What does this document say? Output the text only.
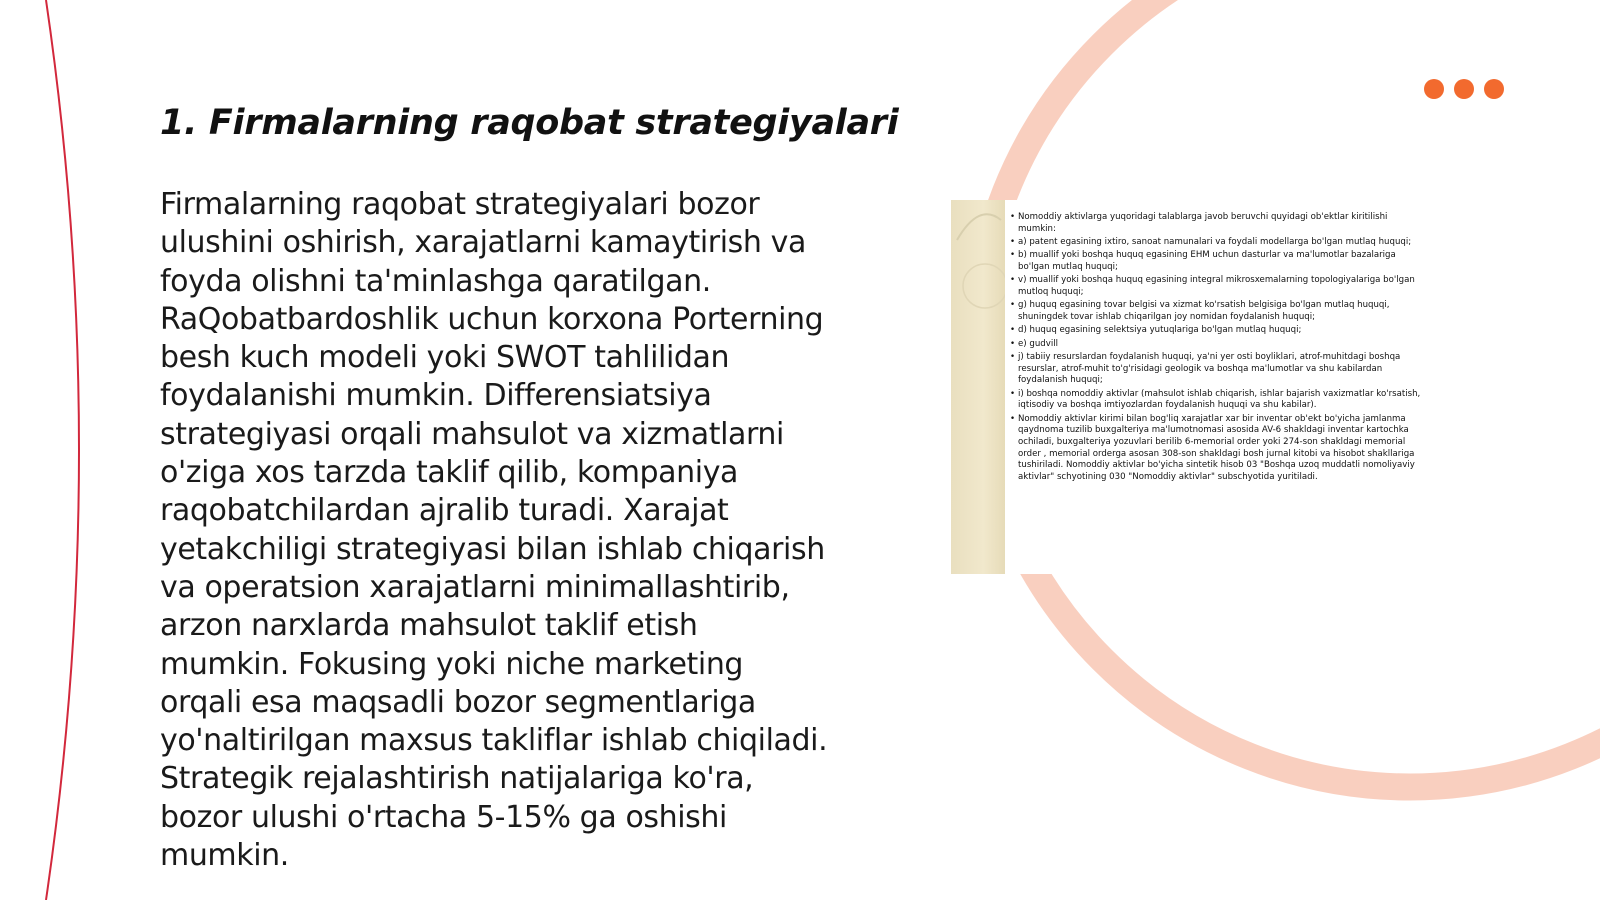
1. Firmalarning raqobat strategiyalari

Firmalarning raqobat strategiyalari bozor ulushini oshirish, xarajatlarni kamaytirish va foyda olishni ta'minlashga qaratilgan. RaQobatbardoshlik uchun korxona Porterning besh kuch modeli yoki SWOT tahlilidan foydalanishi mumkin. Differensiatsiya strategiyasi orqali mahsulot va xizmatlarni o'ziga xos tarzda taklif qilib, kompaniya raqobatchilardan ajralib turadi. Xarajat yetakchiligi strategiyasi bilan ishlab chiqarish va operatsion xarajatlarni minimallashtirib, arzon narxlarda mahsulot taklif etish mumkin. Fokusing yoki niche marketing orqali esa maqsadli bozor segmentlariga yo'naltirilgan maxsus takliflar ishlab chiqiladi. Strategik rejalashtirish natijalariga ko'ra, bozor ulushi o'rtacha 5-15% ga oshishi mumkin.

• Nomoddiy aktivlarga yuqoridagi talablarga javob beruvchi quyidagi ob'ektlar kiritilishi mumkin:
• a) patent egasining ixtiro, sanoat namunalari va foydali modellarga bo'lgan mutlaq huquqi;
• b) muallif yoki boshqa huquq egasining EHM uchun dasturlar va ma'lumotlar bazalariga bo'lgan mutlaq huquqi;
• v) muallif yoki boshqa huquq egasining integral mikrosxemalarning topologiyalariga bo'lgan mutloq huquqi;
• g) huquq egasining tovar belgisi va xizmat ko'rsatish belgisiga bo'lgan mutlaq huquqi, shuningdek tovar ishlab chiqarilgan joy nomidan foydalanish huquqi;
• d) huquq egasining selektsiya yutuqlariga bo'lgan mutlaq huquqi;
• e) gudvill
• j) tabiiy resurslardan foydalanish huquqi, ya'ni yer osti boyliklari, atrof-muhitdagi boshqa resurslar, atrof-muhit to'g'risidagi geologik va boshqa ma'lumotlar va shu kabilardan foydalanish huquqi;
• i) boshqa nomoddiy aktivlar (mahsulot ishlab chiqarish, ishlar bajarish vaxizmatlar ko'rsatish, iqtisodiy va boshqa imtiyozlardan foydalanish huquqi va shu kabilar).
• Nomoddiy aktivlar kirimi bilan bog'liq xarajatlar xar bir inventar ob'ekt bo'yicha jamlanma qaydnoma tuzilib buxgalteriya ma'lumotnomasi asosida AV-6 shakldagi inventar kartochka ochiladi, buxgalteriya yozuvlari berilib 6-memorial order yoki 274-son shakldagi memorial order , memorial orderga asosan 308-son shakldagi bosh jurnal kitobi va hisobot shakllariga tushiriladi. Nomoddiy aktivlar bo'yicha sintetik hisob 03 "Boshqa uzoq muddatli nomoliyaviy aktivlar" schyotining 030 "Nomoddiy aktivlar" subschyotida yuritiladi.
